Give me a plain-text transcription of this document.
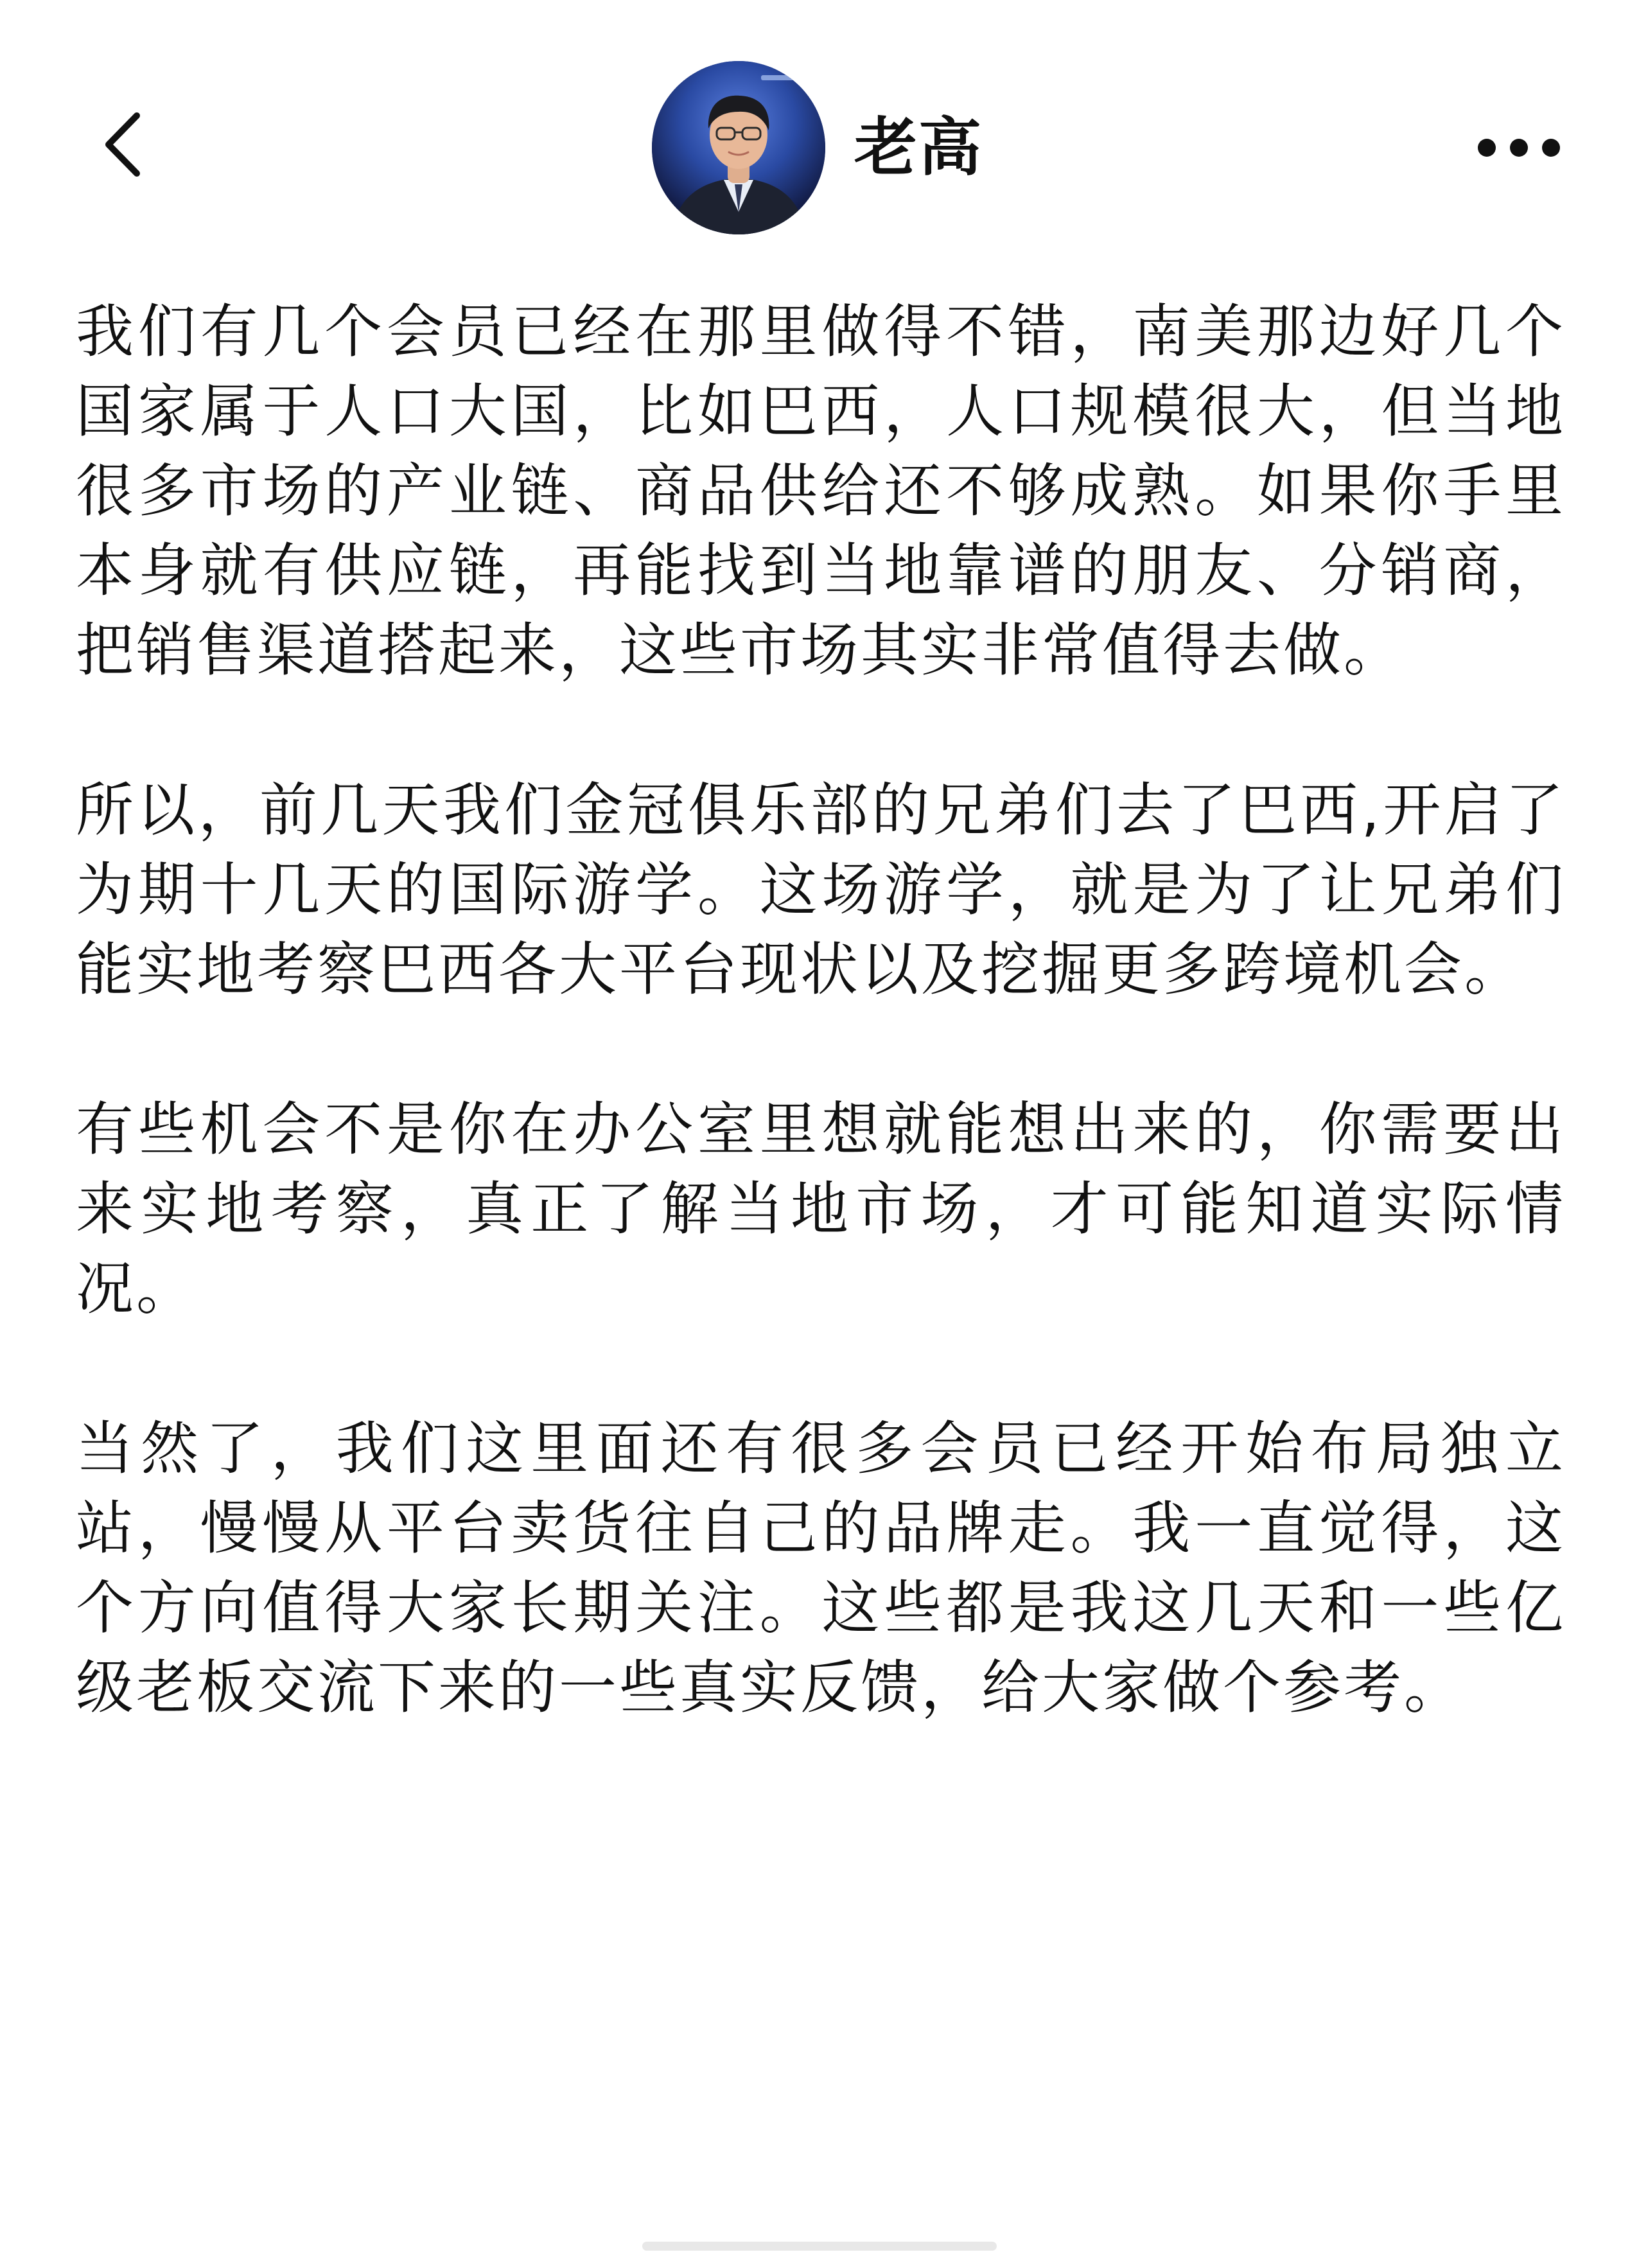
老高

我们有几个会员已经在那里做得不错，南美那边好几个国家属于人口大国，比如巴西，人口规模很大，但当地很多市场的产业链、商品供给还不够成熟。如果你手里本身就有供应链，再能找到当地靠谱的朋友、分销商，把销售渠道搭起来，这些市场其实非常值得去做。

所以，前几天我们金冠俱乐部的兄弟们去了巴西,开启了为期十几天的国际游学。这场游学，就是为了让兄弟们能实地考察巴西各大平台现状以及挖掘更多跨境机会。

有些机会不是你在办公室里想就能想出来的，你需要出来实地考察，真正了解当地市场，才可能知道实际情况。

当然了，我们这里面还有很多会员已经开始布局独立站，慢慢从平台卖货往自己的品牌走。我一直觉得，这个方向值得大家长期关注。这些都是我这几天和一些亿级老板交流下来的一些真实反馈，给大家做个参考。
